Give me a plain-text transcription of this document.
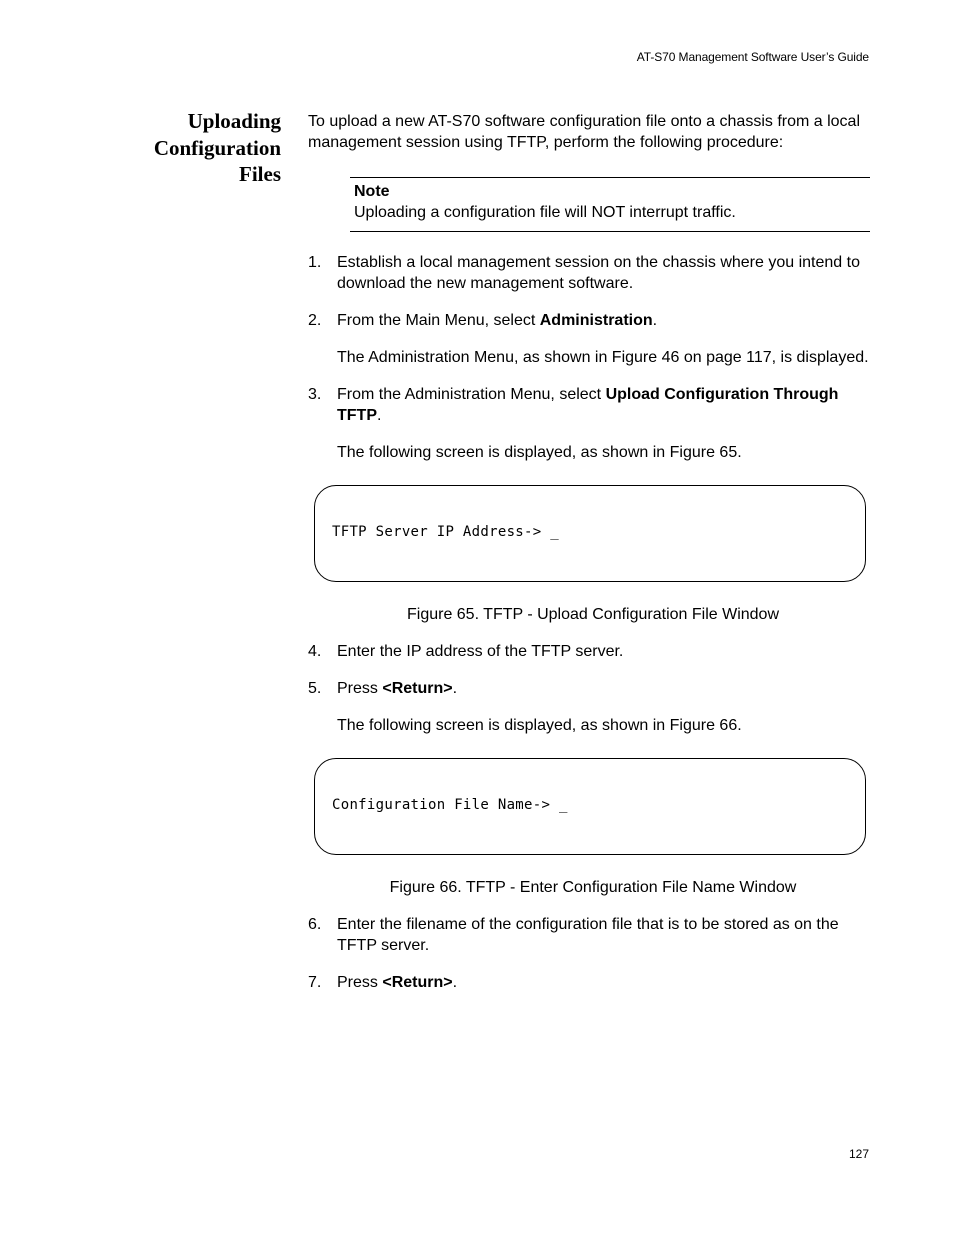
AT-S70 Management Software User’s Guide
Uploading
Configuration
Files

To upload a new AT-S70 software configuration file onto a chassis from a local management session using TFTP, perform the following procedure:

Note
Uploading a configuration file will NOT interrupt traffic.
1. Establish a local management session on the chassis where you intend to download the new management software.
2. From the Main Menu, select Administration.

The Administration Menu, as shown in Figure 46 on page 117, is displayed.

3. From the Administration Menu, select Upload Configuration Through TFTP.

The following screen is displayed, as shown in Figure 65.

TFTP Server IP Address-> _

Figure 65. TFTP - Upload Configuration File Window

4. Enter the IP address of the TFTP server.
5. Press <Return>.

The following screen is displayed, as shown in Figure 66.

Configuration File Name-> _

Figure 66. TFTP - Enter Configuration File Name Window

6. Enter the filename of the configuration file that is to be stored as on the TFTP server.
7. Press <Return>.
127
